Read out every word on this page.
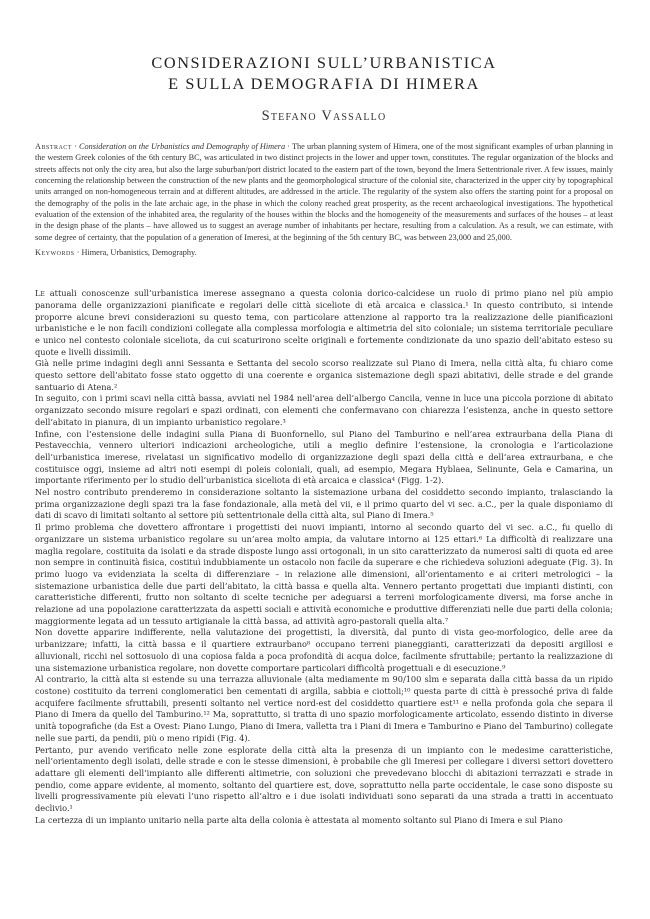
CONSIDERAZIONI SULL’URBANISTICA
E SULLA DEMOGRAFIA DI HIMERA
Stefano Vassallo
Abstract · Consideration on the Urbanistics and Demography of Himera · The urban planning system of Himera, one of the most significant examples of urban planning in the western Greek colonies of the 6th century BC, was articulated in two distinct projects in the lower and upper town, constitutes. The regular organization of the blocks and streets affects not only the city area, but also the large suburban/port district located to the eastern part of the town, beyond the Imera Settentrionale river. A few issues, mainly concerning the relationship between the construction of the new plants and the geomorphological structure of the colonial site, characterized in the upper city by topographical units arranged on non-homogeneous terrain and at different altitudes, are addressed in the article. The regularity of the system also offers the starting point for a proposal on the demography of the polis in the late archaic age, in the phase in which the colony reached great prosperity, as the recent archaeological investigations. The hypothetical evaluation of the extension of the inhabited area, the regularity of the houses within the blocks and the homogeneity of the measurements and surfaces of the houses – at least in the design phase of the plants – have allowed us to suggest an average number of inhabitants per hectare, resulting from a calculation. As a result, we can estimate, with some degree of certainty, that the population of a generation of Imeresi, at the beginning of the 5th century BC, was between 23,000 and 25,000.
Keywords · Himera, Urbanistics, Demography.

Le attuali conoscenze sull’urbanistica imerese assegnano a questa colonia dorico-calcidese un ruolo di primo piano nel più ampio panorama delle organizzazioni pianificate e regolari delle città siceliote di età arcaica e classica.¹ In questo contributo, si intende proporre alcune brevi considerazioni su questo tema, con particolare attenzione al rapporto tra la realizzazione delle pianificazioni urbanistiche e le non facili condizioni collegate alla complessa morfologia e altimetria del sito coloniale; un sistema territoriale peculiare e unico nel contesto coloniale siceliota, da cui scaturirono scelte originali e fortemente condizionate da uno spazio dell’abitato esteso su quote e livelli dissimili.

Già nelle prime indagini degli anni Sessanta e Settanta del secolo scorso realizzate sul Piano di Imera, nella città alta, fu chiaro come questo settore dell’abitato fosse stato oggetto di una coerente e organica sistemazione degli spazi abitativi, delle strade e del grande santuario di Atena.²

In seguito, con i primi scavi nella città bassa, avviati nel 1984 nell’area dell’albergo Cancila, venne in luce una piccola porzione di abitato organizzato secondo misure regolari e spazi ordinati, con elementi che confermavano con chiarezza l’esistenza, anche in questo settore dell’abitato in pianura, di un impianto urbanistico regolare.³

Infine, con l’estensione delle indagini sulla Piana di Buonfornello, sul Piano del Tamburino e nell’area extraurbana della Piana di Pestavecchia, vennero ulteriori indicazioni archeologiche, utili a meglio definire l’estensione, la cronologia e l’articolazione dell’urbanistica imerese, rivelatasi un significativo modello di organizzazione degli spazi della città e dell’area extraurbana, e che costituisce oggi, insieme ad altri noti esempi di poleis coloniali, quali, ad esempio, Megara Hyblaea, Selinunte, Gela e Camarina, un importante riferimento per lo studio dell’urbanistica siceliota di età arcaica e classica⁴ (Figg. 1-2).

Nel nostro contributo prenderemo in considerazione soltanto la sistemazione urbana del cosiddetto secondo impianto, tralasciando la prima organizzazione degli spazi tra la fase fondazionale, alla metà del vii, e il primo quarto del vi sec. a.C., per la quale disponiamo di dati di scavo di limitati soltanto al settore più settentrionale della città alta, sul Piano di Imera.⁵

Il primo problema che dovettero affrontare i progettisti dei nuovi impianti, intorno al secondo quarto del vi sec. a.C., fu quello di organizzare un sistema urbanistico regolare su un’area molto ampia, da valutare intorno ai 125 ettari.⁶ La difficoltà di realizzare una maglia regolare, costituita da isolati e da strade disposte lungo assi ortogonali, in un sito caratterizzato da numerosi salti di quota ed aree non sempre in continuità fisica, costituì indubbiamente un ostacolo non facile da superare e che richiedeva soluzioni adeguate (Fig. 3). In primo luogo va evidenziata la scelta di differenziare – in relazione alle dimensioni, all’orientamento e ai criteri metrologici – la sistemazione urbanistica delle due parti dell’abitato, la città bassa e quella alta. Vennero pertanto progettati due impianti distinti, con caratteristiche differenti, frutto non soltanto di scelte tecniche per adeguarsi a terreni morfologicamente diversi, ma forse anche in relazione ad una popolazione caratterizzata da aspetti sociali e attività economiche e produttive differenziati nelle due parti della colonia; maggiormente legata ad un tessuto artigianale la città bassa, ad attività agro-pastorali quella alta.⁷

Non dovette apparire indifferente, nella valutazione dei progettisti, la diversità, dal punto di vista geo-morfologico, delle aree da urbanizzare; infatti, la città bassa e il quartiere extraurbano⁸ occupano terreni pianeggianti, caratterizzati da depositi argillosi e alluvionali, ricchi nel sottosuolo di una copiosa falda a poca profondità di acqua dolce, facilmente sfruttabile; pertanto la realizzazione di una sistemazione urbanistica regolare, non dovette comportare particolari difficoltà progettuali e di esecuzione.⁹

Al contrario, la città alta si estende su una terrazza alluvionale (alta mediamente m 90/100 slm e separata dalla città bassa da un ripido costone) costituito da terreni conglomeratici ben cementati di argilla, sabbia e ciottoli;¹⁰ questa parte di città è pressoché priva di falde acquifere facilmente sfruttabili, presenti soltanto nel vertice nord-est del cosiddetto quartiere est¹¹ e nella profonda gola che separa il Piano di Imera da quello del Tamburino.¹² Ma, soprattutto, si tratta di uno spazio morfologicamente articolato, essendo distinto in diverse unità topografiche (da Est a Ovest: Piano Lungo, Piano di Imera, valletta tra i Piani di Imera e Tamburino e Piano del Tamburino) collegate nelle sue parti, da pendii, più o meno ripidi (Fig. 4).

Pertanto, pur avendo verificato nelle zone esplorate della città alta la presenza di un impianto con le medesime caratteristiche, nell’orientamento degli isolati, delle strade e con le stesse dimensioni, è probabile che gli Imeresi per collegare i diversi settori dovettero adattare gli elementi dell’impianto alle differenti altimetrie, con soluzioni che prevedevano blocchi di abitazioni terrazzati e strade in pendio, come appare evidente, al momento, soltanto del quartiere est, dove, soprattutto nella parte occidentale, le case sono disposte su livelli progressivamente più elevati l’uno rispetto all’altro e i due isolati individuati sono separati da una strada a tratti in accentuato declivio.¹

La certezza di un impianto unitario nella parte alta della colonia è attestata al momento soltanto sul Piano di Imera e sul Piano
